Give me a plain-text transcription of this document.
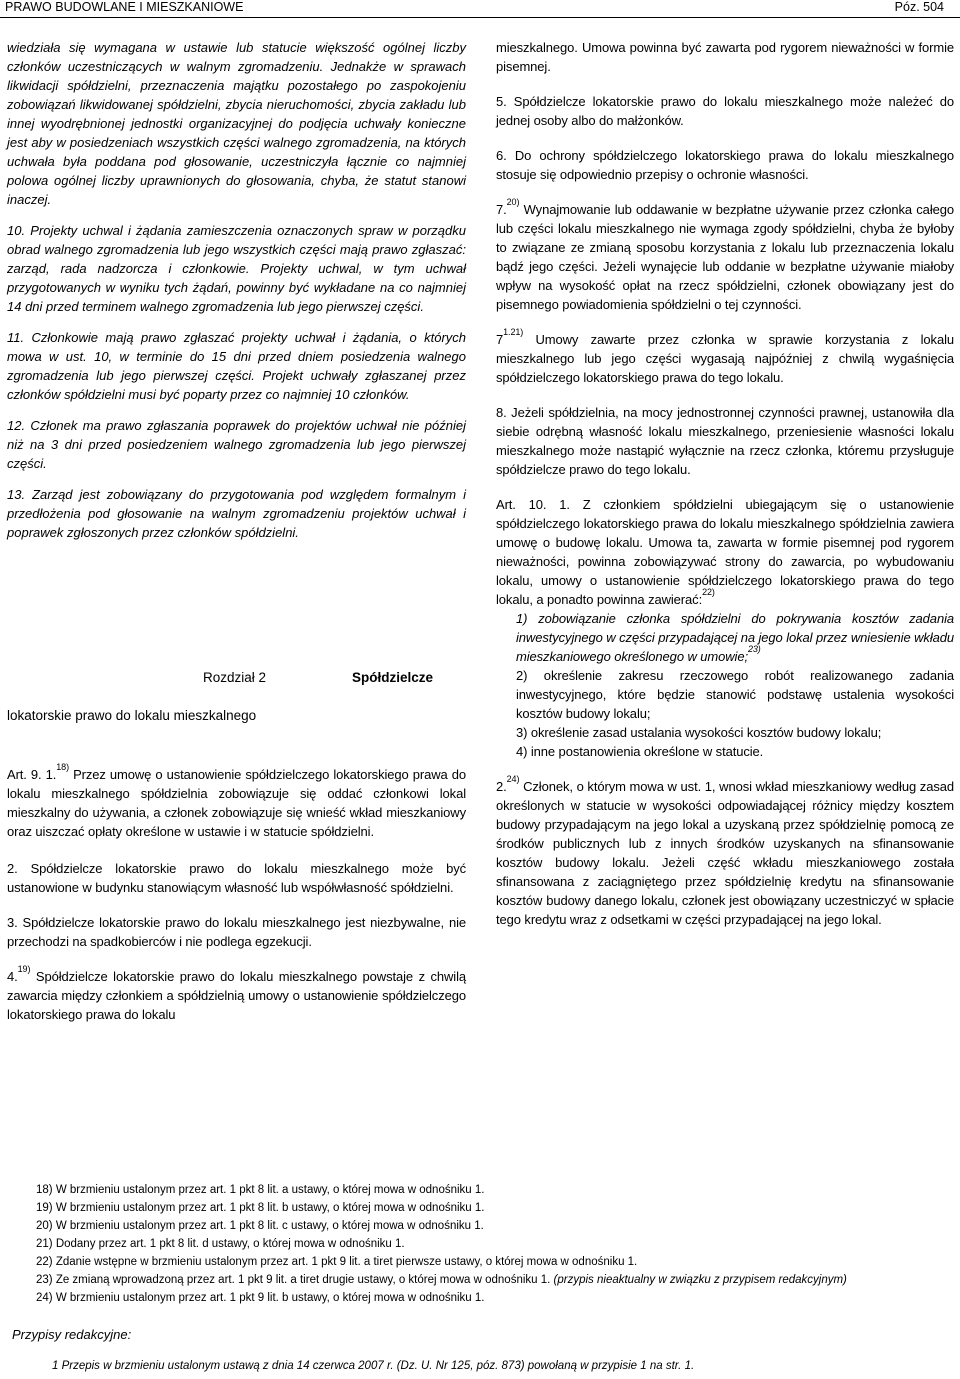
PRAWO BUDOWLANE I MIESZKANIOWE	Póz. 504

wiedziała się wymagana w ustawie lub statucie większość ogólnej liczby członków uczestniczących w walnym zgromadzeniu. Jednakże w sprawach likwidacji spółdzielni, przeznaczenia majątku pozostałego po zaspokojeniu zobowiązań likwidowanej spółdzielni, zbycia nieruchomości, zbycia zakładu lub innej wyodrębnionej jednostki organizacyjnej do podjęcia uchwały konieczne jest aby w posiedzeniach wszystkich części walnego zgromadzenia, na których uchwała była poddana pod głosowanie, uczestniczyła łącznie co najmniej polowa ogólnej liczby uprawnionych do głosowania, chyba, że statut stanowi inaczej.

10. Projekty uchwal i żądania zamieszczenia oznaczonych spraw w porządku obrad walnego zgromadzenia lub jego wszystkich części mają prawo zgłaszać: zarząd, rada nadzorcza i członkowie. Projekty uchwal, w tym uchwał przygotowanych w wyniku tych żądań, powinny być wykładane na co najmniej 14 dni przed terminem walnego zgromadzenia lub jego pierwszej części.

11. Członkowie mają prawo zgłaszać projekty uchwał i żądania, o których mowa w ust. 10, w terminie do 15 dni przed dniem posiedzenia walnego zgromadzenia lub jego pierwszej części. Projekt uchwały zgłaszanej przez członków spółdzielni musi być poparty przez co najmniej 10 członków.

12. Członek ma prawo zgłaszania poprawek do projektów uchwał nie później niż na 3 dni przed posiedzeniem walnego zgromadzenia lub jego pierwszej części.

13. Zarząd jest zobowiązany do przygotowania pod względem formalnym i przedłożenia pod głosowanie na walnym zgromadzeniu projektów uchwał i poprawek zgłoszonych przez członków spółdzielni.

Rozdział 2	Spółdzielcze
lokatorskie prawo do lokalu mieszkalnego

Art. 9. 1.$^{18)}$ Przez umowę o ustanowienie spółdzielczego lokatorskiego prawa do lokalu mieszkalnego spółdzielnia zobowiązuje się oddać członkowi lokal mieszkalny do używania, a członek zobowiązuje się wnieść wkład mieszkaniowy oraz uiszczać opłaty określone w ustawie i w statucie spółdzielni.

2. Spółdzielcze lokatorskie prawo do lokalu mieszkalnego może być ustanowione w budynku stanowiącym własność lub współwłasność spółdzielni.

3. Spółdzielcze lokatorskie prawo do lokalu mieszkalnego jest niezbywalne, nie przechodzi na spadkobierców i nie podlega egzekucji.

4.$^{19)}$ Spółdzielcze lokatorskie prawo do lokalu mieszkalnego powstaje z chwilą zawarcia między członkiem a spółdzielnią umowy o ustanowienie spółdzielczego lokatorskiego prawa do lokalu

mieszkalnego. Umowa powinna być zawarta pod rygorem nieważności w formie pisemnej.

5. Spółdzielcze lokatorskie prawo do lokalu mieszkalnego może należeć do jednej osoby albo do małżonków.

6. Do ochrony spółdzielczego lokatorskiego prawa do lokalu mieszkalnego stosuje się odpowiednio przepisy o ochronie własności.

7.$^{20)}$ Wynajmowanie lub oddawanie w bezpłatne używanie przez członka całego lub części lokalu mieszkalnego nie wymaga zgody spółdzielni, chyba że byłoby to związane ze zmianą sposobu korzystania z lokalu lub przeznaczenia lokalu bądź jego części. Jeżeli wynajęcie lub oddanie w bezpłatne używanie miałoby wpływ na wysokość opłat na rzecz spółdzielni, członek obowiązany jest do pisemnego powiadomienia spółdzielni o tej czynności.

$7^{1.21)}$ Umowy zawarte przez członka w sprawie korzystania z lokalu mieszkalnego lub jego części wygasają najpóźniej z chwilą wygaśnięcia spółdzielczego lokatorskiego prawa do tego lokalu.

8. Jeżeli spółdzielnia, na mocy jednostronnej czynności prawnej, ustanowiła dla siebie odrębną własność lokalu mieszkalnego, przeniesienie własności lokalu mieszkalnego może nastąpić wyłącznie na rzecz członka, któremu przysługuje spółdzielcze prawo do tego lokalu.

Art. 10. 1. Z członkiem spółdzielni ubiegającym się o ustanowienie spółdzielczego lokatorskiego prawa do lokalu mieszkalnego spółdzielnia zawiera umowę o budowę lokalu. Umowa ta, zawarta w formie pisemnej pod rygorem nieważności, powinna zobowiązywać strony do zawarcia, po wybudowaniu lokalu, umowy o ustanowienie spółdzielczego lokatorskiego prawa do tego lokalu, a ponadto powinna zawierać:$^{22)}$

1) zobowiązanie członka spółdzielni do pokrywania kosztów zadania inwestycyjnego w części przypadającej na jego lokal przez wniesienie wkładu mieszkaniowego określonego w umowie;$^{23)}$
2) określenie zakresu rzeczowego robót realizowanego zadania inwestycyjnego, które będzie stanowić podstawę ustalenia wysokości kosztów budowy lokalu;
3) określenie zasad ustalania wysokości kosztów budowy lokalu;
4) inne postanowienia określone w statucie.

2.$^{24)}$ Członek, o którym mowa w ust. 1, wnosi wkład mieszkaniowy według zasad określonych w statucie w wysokości odpowiadającej różnicy między kosztem budowy przypadającym na jego lokal a uzyskaną przez spółdzielnię pomocą ze środków publicznych lub z innych środków uzyskanych na sfinansowanie kosztów budowy lokalu. Jeżeli część wkładu mieszkaniowego została sfinansowana z zaciągniętego przez spółdzielnię kredytu na sfinansowanie kosztów budowy danego lokalu, członek jest obowiązany uczestniczyć w spłacie tego kredytu wraz z odsetkami w części przypadającej na jego lokal.

18) W brzmieniu ustalonym przez art. 1 pkt 8 lit. a ustawy, o której mowa w odnośniku 1.
19) W brzmieniu ustalonym przez art. 1 pkt 8 lit. b ustawy, o której mowa w odnośniku 1.
20) W brzmieniu ustalonym przez art. 1 pkt 8 lit. c ustawy, o której mowa w odnośniku 1.
21) Dodany przez art. 1 pkt 8 lit. d ustawy, o której mowa w odnośniku 1.
22) Zdanie wstępne w brzmieniu ustalonym przez art. 1 pkt 9 lit. a tiret pierwsze ustawy, o której mowa w odnośniku 1.
23) Ze zmianą wprowadzoną przez art. 1 pkt 9 lit. a tiret drugie ustawy, o której mowa w odnośniku 1. (przypis nieaktualny w związku z przypisem redakcyjnym)
24) W brzmieniu ustalonym przez art. 1 pkt 9 lit. b ustawy, o której mowa w odnośniku 1.
Przypisy redakcyjne:
1 Przepis w brzmieniu ustalonym ustawą z dnia 14 czerwca 2007 r. (Dz. U. Nr 125, póz. 873) powołaną w przypisie 1 na str. 1.
